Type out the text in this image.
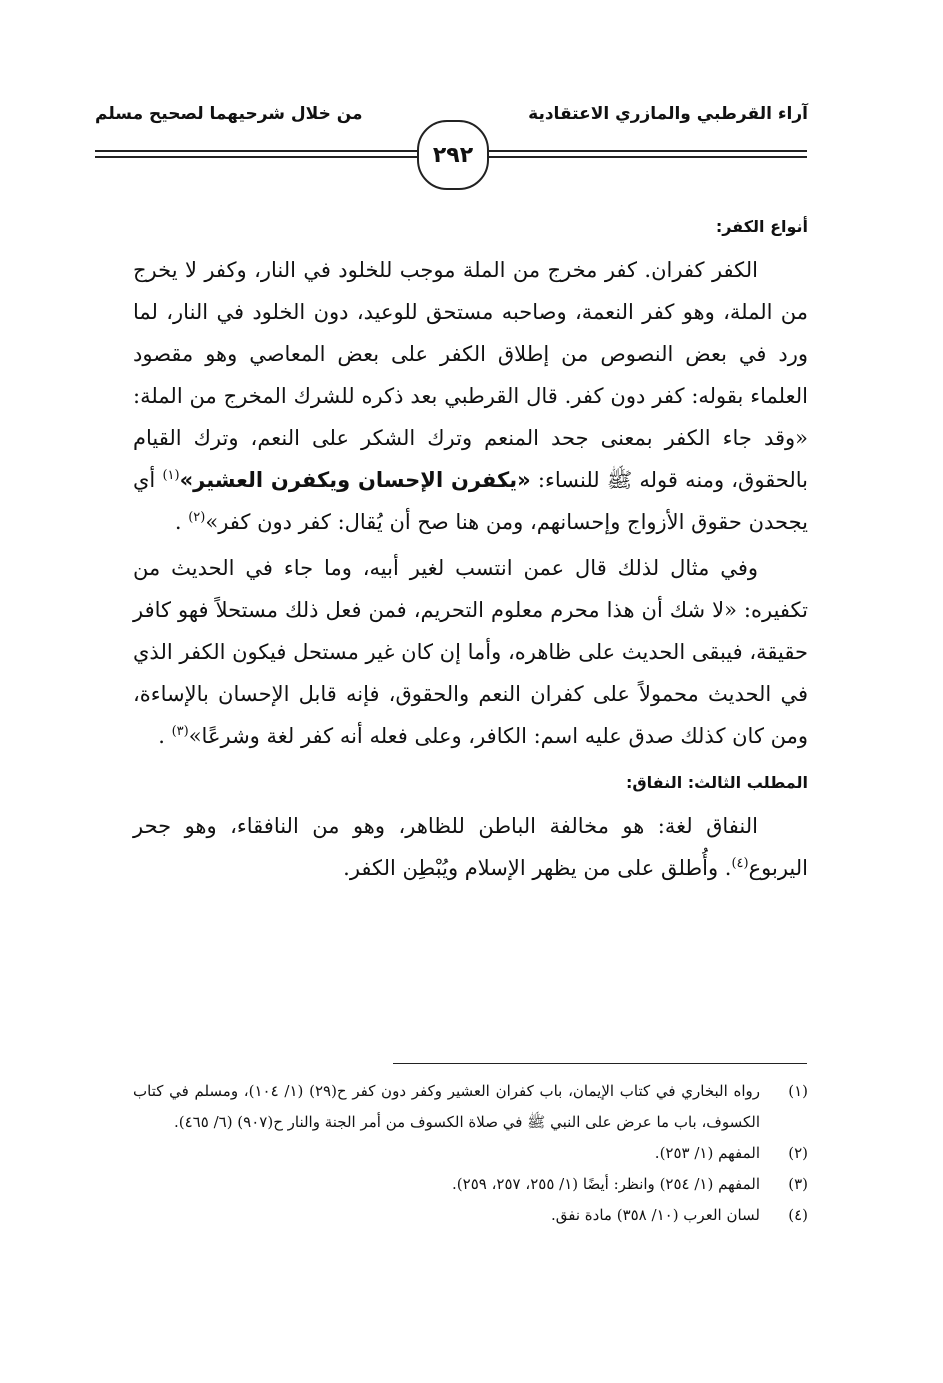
آراء القرطبي والمازري الاعتقادية
من خلال شرحيهما لصحيح مسلم
٢٩٢

أنواع الكفر:

الكفر كفران. كفر مخرج من الملة موجب للخلود في النار، وكفر لا يخرج من الملة، وهو كفر النعمة، وصاحبه مستحق للوعيد، دون الخلود في النار، لما ورد في بعض النصوص من إطلاق الكفر على بعض المعاصي وهو مقصود العلماء بقوله: كفر دون كفر. قال القرطبي بعد ذكره للشرك المخرج من الملة: «وقد جاء الكفر بمعنى جحد المنعم وترك الشكر على النعم، وترك القيام بالحقوق، ومنه قوله ﷺ للنساء: «يكفرن الإحسان ويكفرن العشير»$^{(١)}$ أي يجحدن حقوق الأزواج وإحسانهم، ومن هنا صح أن يُقال: كفر دون كفر»$^{(٢)}$ .

وفي مثال لذلك قال عمن انتسب لغير أبيه، وما جاء في الحديث من تكفيره: «لا شك أن هذا محرم معلوم التحريم، فمن فعل ذلك مستحلاً فهو كافر حقيقة، فيبقى الحديث على ظاهره، وأما إن كان غير مستحل فيكون الكفر الذي في الحديث محمولاً على كفران النعم والحقوق، فإنه قابل الإحسان بالإساءة، ومن كان كذلك صدق عليه اسم: الكافر، وعلى فعله أنه كفر لغة وشرعًا»$^{(٣)}$ .

المطلب الثالث: النفاق:

النفاق لغة: هو مخالفة الباطن للظاهر، وهو من النافقاء، وهو جحر اليربوع$^{(٤)}$. وأُطلق على من يظهر الإسلام ويُبْطِن الكفر.

(١)
رواه البخاري في كتاب الإيمان، باب كفران العشير وكفر دون كفر ح(٢٩) (١/ ١٠٤)، ومسلم في كتاب الكسوف، باب ما عرض على النبي ﷺ في صلاة الكسوف من أمر الجنة والنار ح(٩٠٧) (٦/ ٤٦٥).
(٢)
المفهم (١/ ٢٥٣).
(٣)
المفهم (١/ ٢٥٤) وانظر: أيضًا (١/ ٢٥٥، ٢٥٧، ٢٥٩).
(٤)
لسان العرب (١٠/ ٣٥٨) مادة نفق.
